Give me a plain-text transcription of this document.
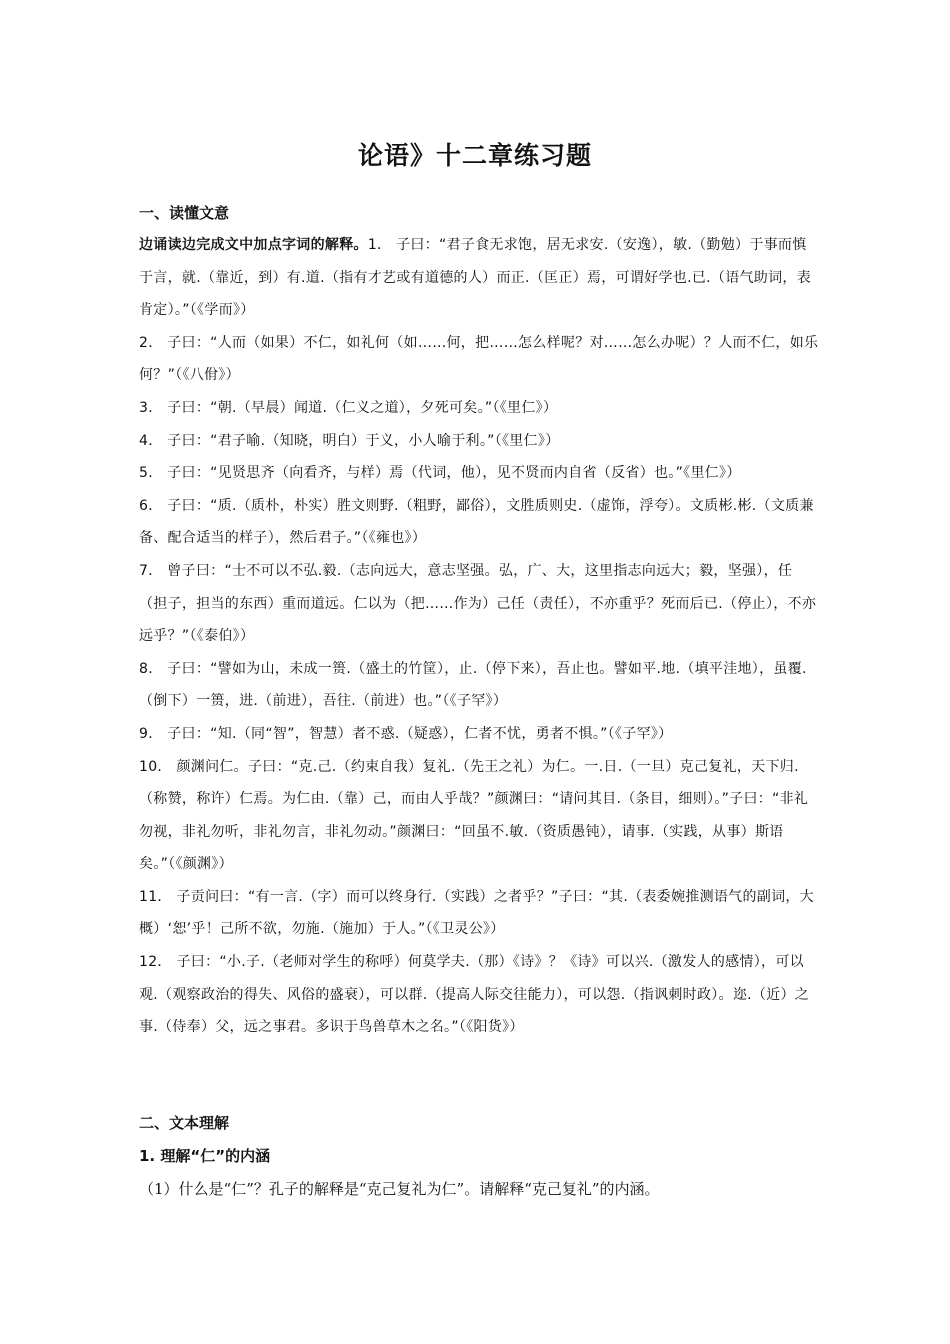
论语》十二章练习题
一、读懂文意

边诵读边完成文中加点字词的解释。1． 子曰：“君子食无求饱，居无求安.（安逸），敏.（勤勉）于事而慎于言，就.（靠近，到）有.道.（指有才艺或有道德的人）而正.（匡正）焉，可谓好学也.已.（语气助词，表肯定）。”（《学而》）

2． 子曰：“人而（如果）不仁，如礼何（如……何，把……怎么样呢？对……怎么办呢）？人而不仁，如乐何？”（《八佾》）

3． 子曰：“朝.（早晨）闻道.（仁义之道），夕死可矣。”（《里仁》）

4． 子曰：“君子喻.（知晓，明白）于义，小人喻于利。”（《里仁》）

5． 子曰：“见贤思齐（向看齐，与样）焉（代词，他），见不贤而内自省（反省）也。”《里仁》）

6． 子曰：“质.（质朴，朴实）胜文则野.（粗野，鄙俗），文胜质则史.（虚饰，浮夸）。文质彬.彬.（文质兼备、配合适当的样子），然后君子。”（《雍也》）

7． 曾子曰：“士不可以不弘.毅.（志向远大，意志坚强。弘，广、大，这里指志向远大；毅，坚强），任（担子，担当的东西）重而道远。仁以为（把……作为）己任（责任），不亦重乎？死而后已.（停止），不亦远乎？”（《泰伯》）

8． 子曰：“譬如为山，未成一篑.（盛土的竹筐），止.（停下来），吾止也。譬如平.地.（填平洼地），虽覆.（倒下）一篑，进.（前进），吾往.（前进）也。”（《子罕》）

9． 子曰：“知.（同“智”，智慧）者不惑.（疑惑），仁者不忧，勇者不惧。”（《子罕》）

10． 颜渊问仁。子曰：“克.己.（约束自我）复礼.（先王之礼）为仁。一.日.（一旦）克己复礼，天下归.（称赞，称许）仁焉。为仁由.（靠）己，而由人乎哉？”颜渊曰：“请问其目.（条目，细则）。”子曰：“非礼勿视，非礼勿听，非礼勿言，非礼勿动。”颜渊曰：“回虽不.敏.（资质愚钝），请事.（实践，从事）斯语矣。”（《颜渊》）

11． 子贡问曰：“有一言.（字）而可以终身行.（实践）之者乎？”子曰：“其.（表委婉推测语气的副词，大概）‘恕’乎！己所不欲，勿施.（施加）于人。”（《卫灵公》）

12． 子曰：“小.子.（老师对学生的称呼）何莫学夫.（那）《诗》？《诗》可以兴.（激发人的感情），可以观.（观察政治的得失、风俗的盛衰），可以群.（提高人际交往能力），可以怨.（指讽刺时政）。迩.（近）之事.（侍奉）父，远之事君。多识于鸟兽草木之名。”（《阳货》）

二、文本理解
1. 理解“仁”的内涵
（1）什么是“仁”？孔子的解释是“克己复礼为仁”。请解释“克己复礼”的内涵。
